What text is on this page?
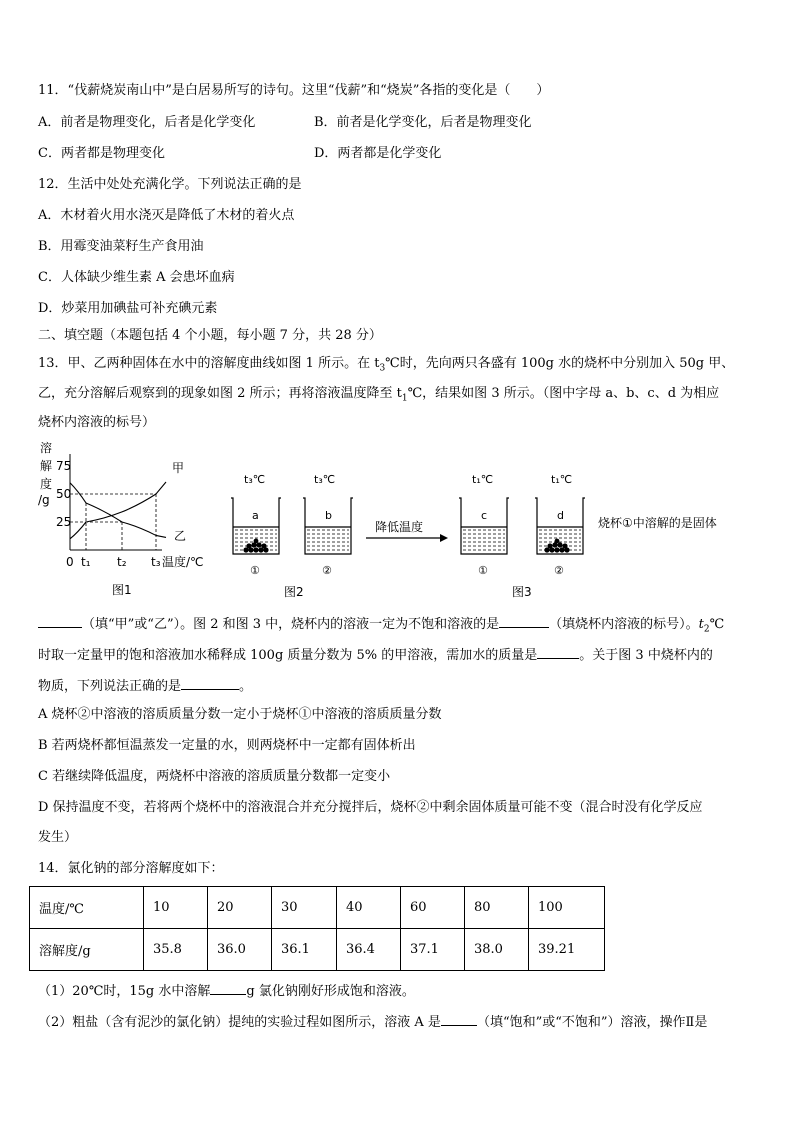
11．“伐薪烧炭南山中”是白居易所写的诗句。这里“伐薪”和“烧炭”各指的变化是（　　）
A．前者是物理变化，后者是化学变化	B．前者是化学变化，后者是物理变化
C．两者都是物理变化	D．两者都是化学变化
12．生活中处处充满化学。下列说法正确的是
A．木材着火用水浇灭是降低了木材的着火点
B．用霉变油菜籽生产食用油
C．人体缺少维生素 A 会患坏血病
D．炒菜用加碘盐可补充碘元素
二、填空题（本题包括 4 个小题，每小题 7 分，共 28 分）
13．甲、乙两种固体在水中的溶解度曲线如图 1 所示。在 $t_3℃$时，先向两只各盛有 100g 水的烧杯中分别加入 50g 甲、
乙，充分溶解后观察到的现象如图 2 所示；再将溶液温度降至 $t_1℃$，结果如图 3 所示。（图中字母 a、b、c、d 为相应
烧杯内溶液的标号）
溶
解
度
/g
75
50
25
0 t₁ t₂ t₃ 温度/℃
甲
乙
图1
t₃℃	t₃℃
a	b
①	②
图2
降低温度
t₁℃	t₁℃
c	d
①	②
图3
烧杯①中溶解的是固体
（填“甲”或“乙”）。图 2 和图 3 中，烧杯内的溶液一定为不饱和溶液的是	（填烧杯内溶液的标号）。$t_2℃$
时取一定量甲的饱和溶液加水稀释成 100g 质量分数为 5% 的甲溶液，需加水的质量是	。关于图 3 中烧杯内的
物质，下列说法正确的是	。
A 烧杯②中溶液的溶质质量分数一定小于烧杯①中溶液的溶质质量分数
B 若两烧杯都恒温蒸发一定量的水，则两烧杯中一定都有固体析出
C 若继续降低温度，两烧杯中溶液的溶质质量分数都一定变小
D 保持温度不变，若将两个烧杯中的溶液混合并充分搅拌后，烧杯②中剩余固体质量可能不变（混合时没有化学反应
发生）
14．氯化钠的部分溶解度如下：
温度/℃	10	20	30	40	60	80	100
溶解度/g	35.8	36.0	36.1	36.4	37.1	38.0	39.21
（1）20℃时，15g 水中溶解	g 氯化钠刚好形成饱和溶液。
（2）粗盐（含有泥沙的氯化钠）提纯的实验过程如图所示，溶液 A 是	（填“饱和”或“不饱和”）溶液，操作Ⅱ是
